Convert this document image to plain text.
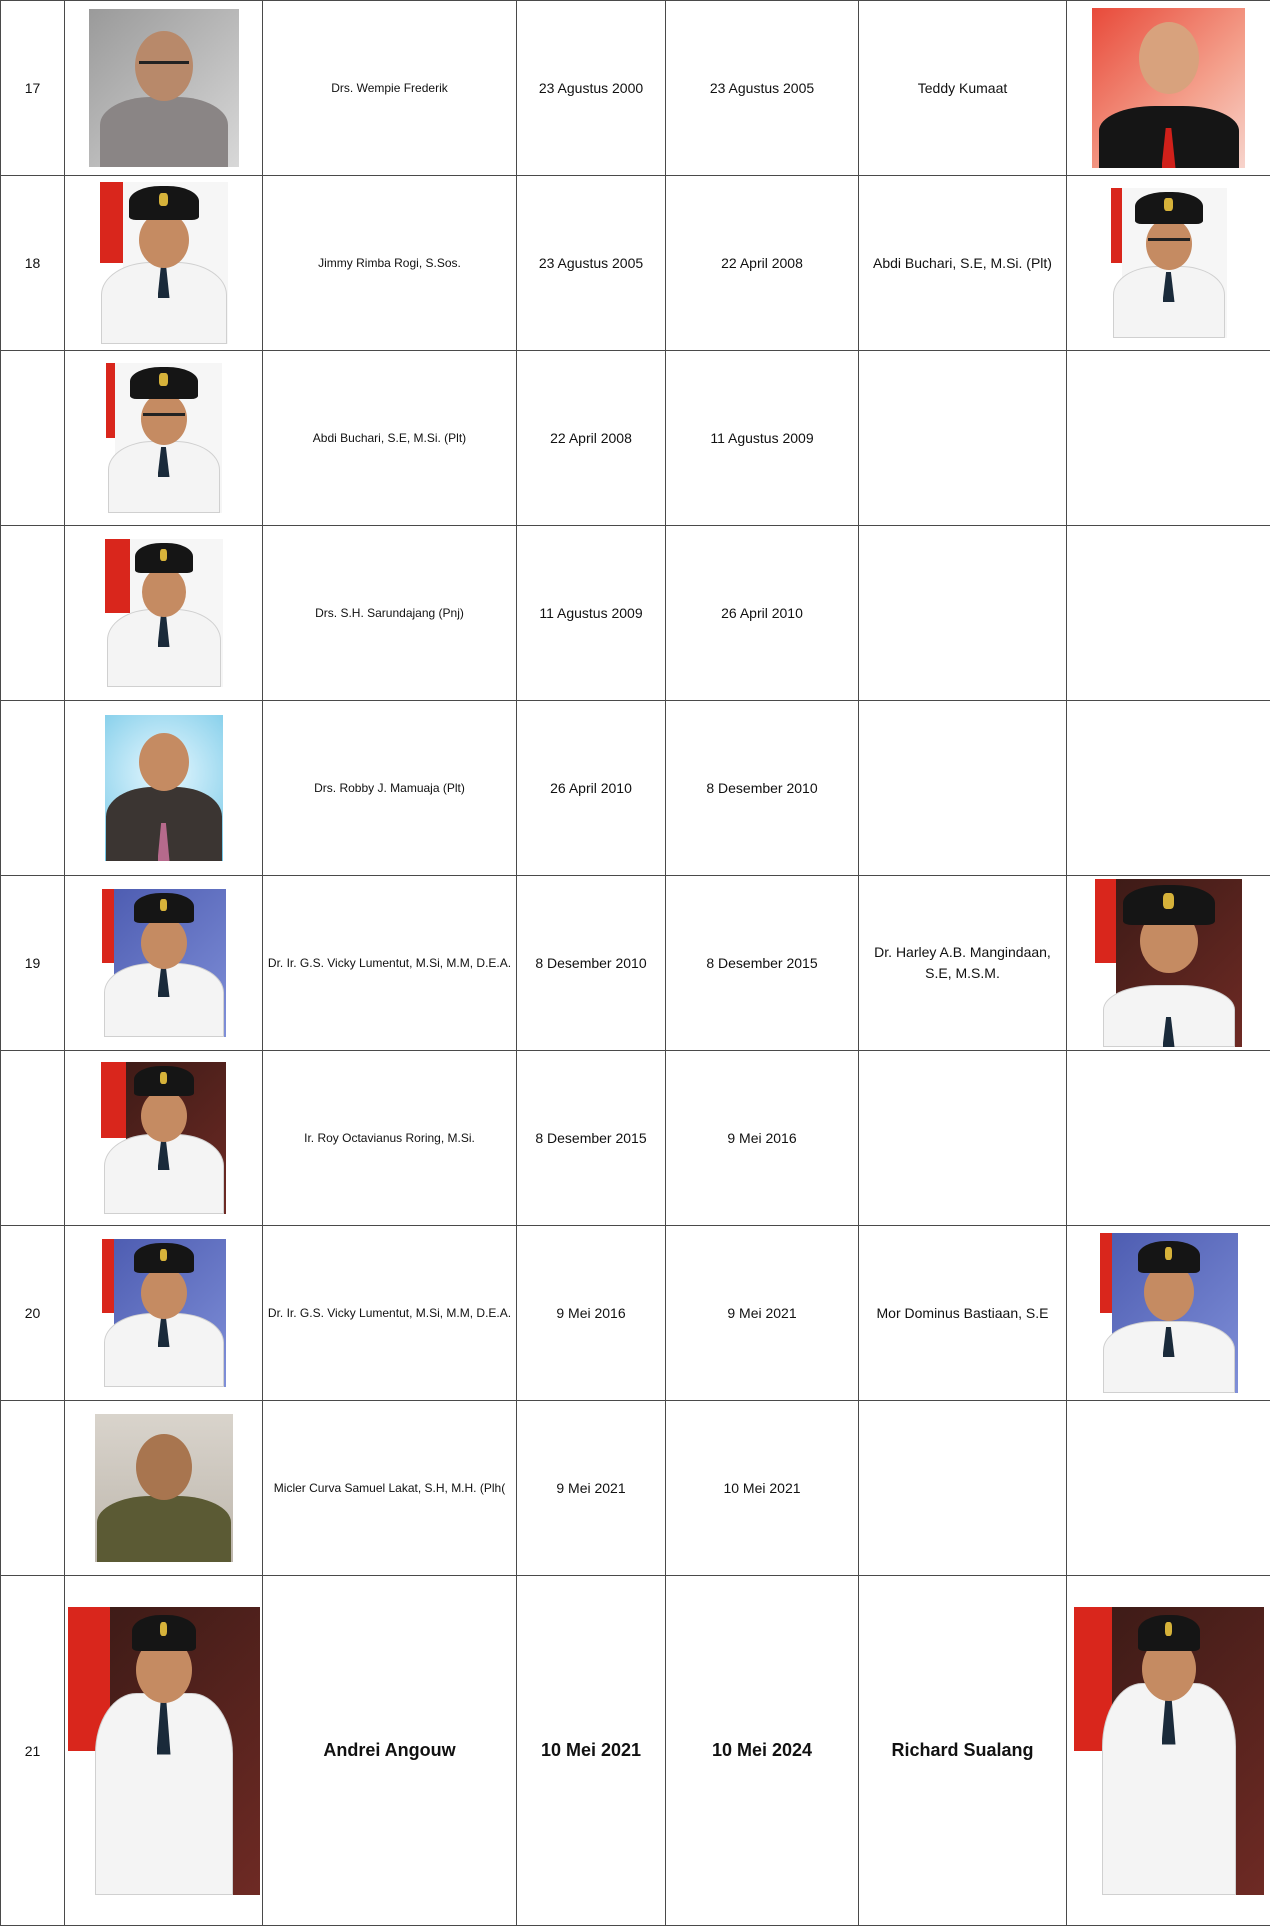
17		Drs. Wempie Frederik	23 Agustus 2000	23 Agustus 2005	Teddy Kumaat	

18		Jimmy Rimba Rogi, S.Sos.	23 Agustus 2005	22 April 2008	Abdi Buchari, S.E, M.Si. (Plt)	

	Abdi Buchari, S.E, M.Si. (Plt)	22 April 2008	11 Agustus 2009		

	Drs. S.H. Sarundajang (Pnj)	11 Agustus 2009	26 April 2010		

	Drs. Robby J. Mamuaja (Plt)	26 April 2010	8 Desember 2010		
19		Dr. Ir. G.S. Vicky Lumentut, M.Si, M.M, D.E.A.	8 Desember 2010	8 Desember 2015	Dr. Harley A.B. Mangindaan, S.E, M.S.M.	

	Ir. Roy Octavianus Roring, M.Si.	8 Desember 2015	9 Mei 2016		
20		Dr. Ir. G.S. Vicky Lumentut, M.Si, M.M, D.E.A.	9 Mei 2016	9 Mei 2021	Mor Dominus Bastiaan, S.E	

	Micler Curva Samuel Lakat, S.H, M.H. (Plh(	9 Mei 2021	10 Mei 2021		
21		Andrei Angouw	10 Mei 2021	10 Mei 2024	Richard Sualang	
